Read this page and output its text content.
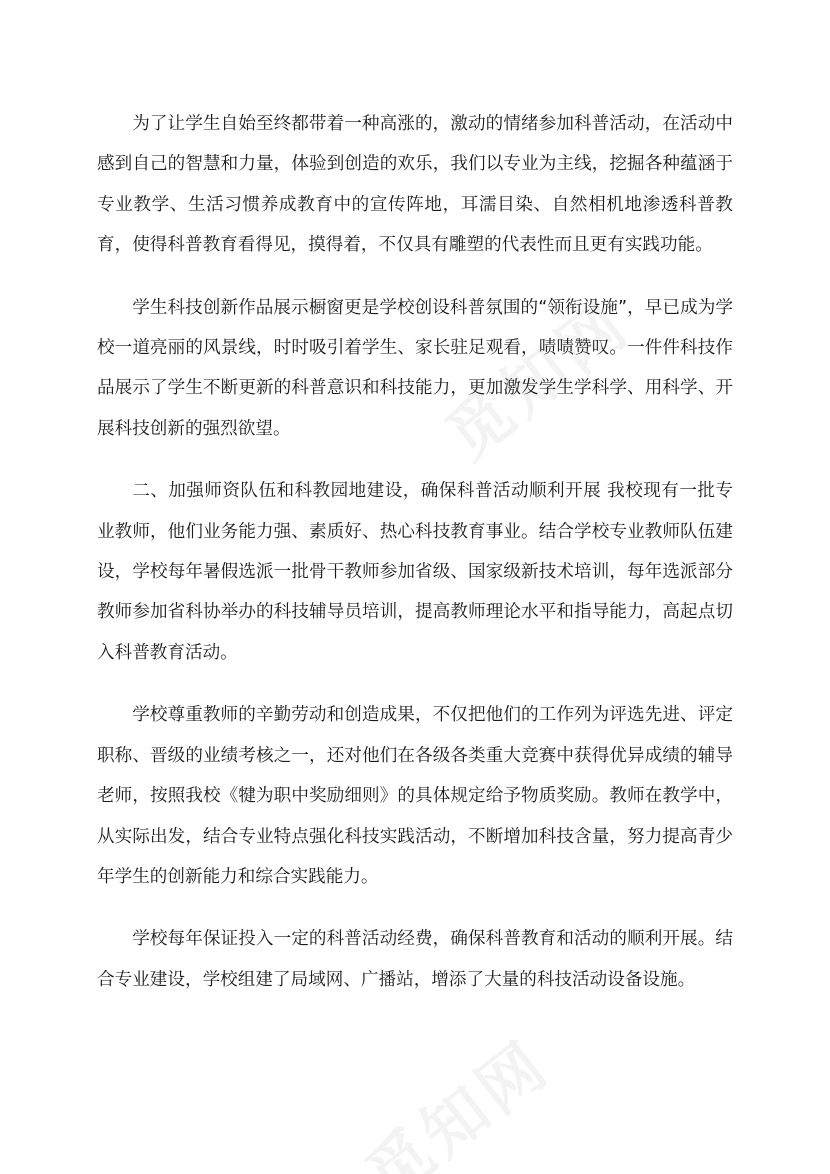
为了让学生自始至终都带着一种高涨的，激动的情绪参加科普活动，在活动中感到自己的智慧和力量，体验到创造的欢乐，我们以专业为主线，挖掘各种蕴涵于专业教学、生活习惯养成教育中的宣传阵地，耳濡目染、自然相机地渗透科普教育，使得科普教育看得见，摸得着，不仅具有雕塑的代表性而且更有实践功能。

学生科技创新作品展示橱窗更是学校创设科普氛围的“领衔设施”，早已成为学校一道亮丽的风景线，时时吸引着学生、家长驻足观看，啧啧赞叹。一件件科技作品展示了学生不断更新的科普意识和科技能力，更加激发学生学科学、用科学、开展科技创新的强烈欲望。

二、加强师资队伍和科教园地建设，确保科普活动顺利开展 我校现有一批专业教师，他们业务能力强、素质好、热心科技教育事业。结合学校专业教师队伍建设，学校每年暑假选派一批骨干教师参加省级、国家级新技术培训，每年选派部分教师参加省科协举办的科技辅导员培训，提高教师理论水平和指导能力，高起点切入科普教育活动。

学校尊重教师的辛勤劳动和创造成果，不仅把他们的工作列为评选先进、评定职称、晋级的业绩考核之一，还对他们在各级各类重大竞赛中获得优异成绩的辅导老师，按照我校《犍为职中奖励细则》的具体规定给予物质奖励。教师在教学中，从实际出发，结合专业特点强化科技实践活动，不断增加科技含量，努力提高青少年学生的创新能力和综合实践能力。

学校每年保证投入一定的科普活动经费，确保科普教育和活动的顺利开展。结合专业建设，学校组建了局域网、广播站，增添了大量的科技活动设备设施。
